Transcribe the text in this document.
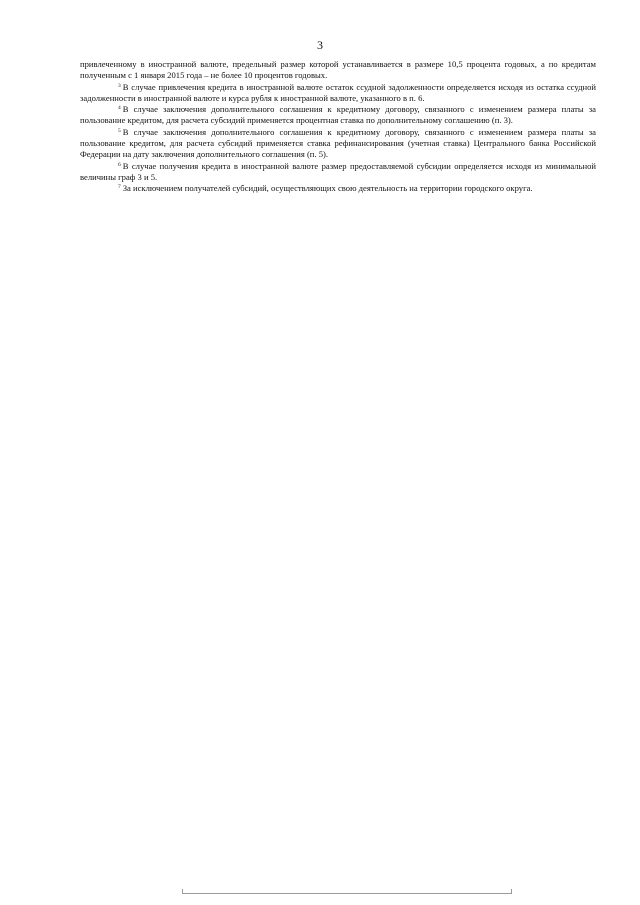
3

привлеченному в иностранной валюте, предельный размер которой устанавливается в размере 10,5 процента годовых, а по кредитам полученным с 1 января 2015 года – не более 10 процентов годовых.

$^3$ В случае привлечения кредита в иностранной валюте остаток ссудной задолженности определяется исходя из остатка ссудной задолженности в иностранной валюте и курса рубля к иностранной валюте, указанного в п. 6.

$^4$ В случае заключения дополнительного соглашения к кредитному договору, связанного с изменением размера платы за пользование кредитом, для расчета субсидий применяется процентная ставка по дополнительному соглашению (п. 3).

$^5$ В случае заключения дополнительного соглашения к кредитному договору, связанного с изменением размера платы за пользование кредитом, для расчета субсидий применяется ставка рефинансирования (учетная ставка) Центрального банка Российской Федерации на дату заключения дополнительного соглашения (п. 5).

$^6$ В случае получения кредита в иностранной валюте размер предоставляемой субсидии определяется исходя из минимальной величины граф 3 и 5.

$^7$ За исключением получателей субсидий, осуществляющих свою деятельность на территории городского округа.
